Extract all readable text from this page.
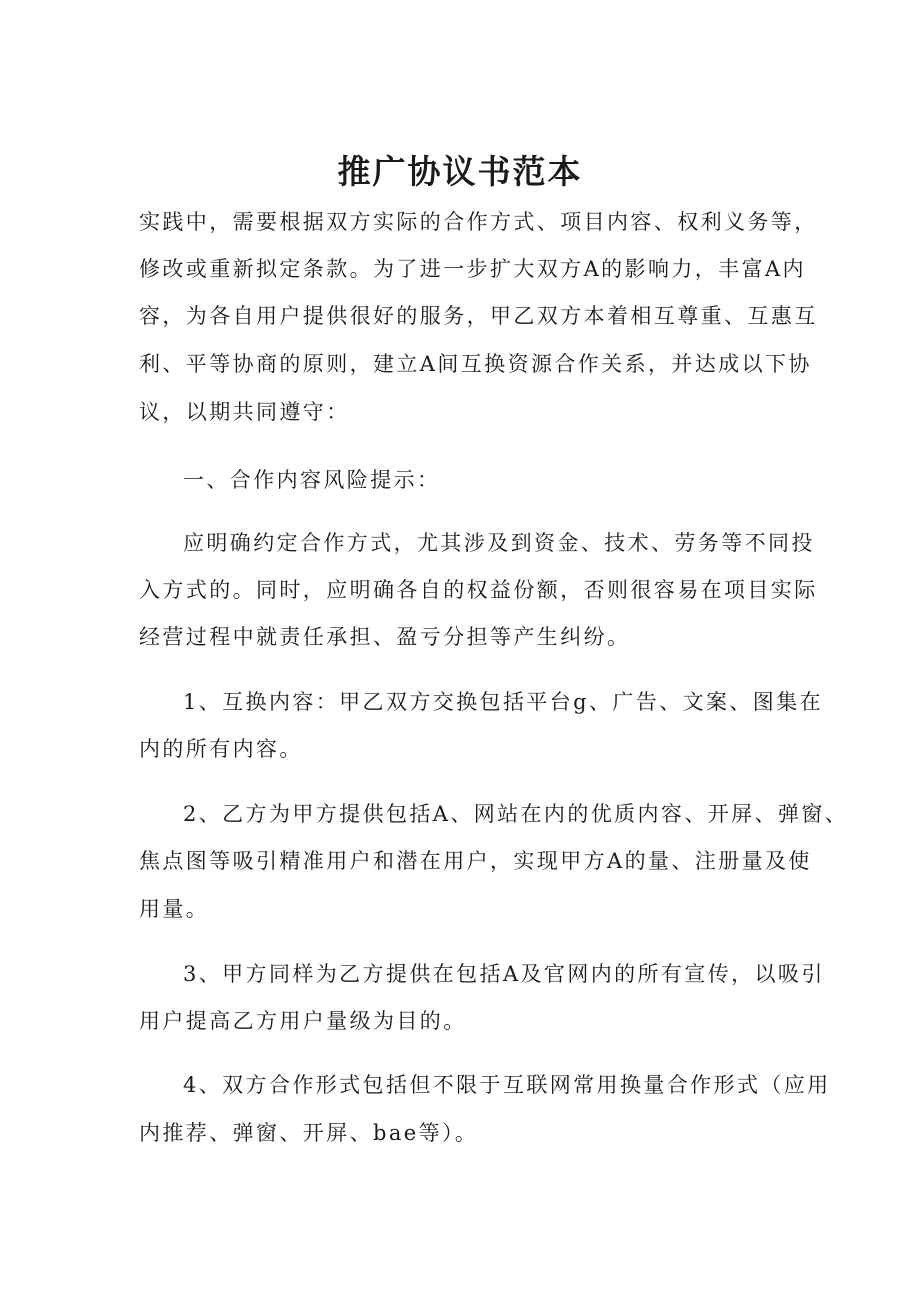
推广协议书范本
实践中，需要根据双方实际的合作方式、项目内容、权利义务等，
修改或重新拟定条款。为了进一步扩大双方A的影响力，丰富A内
容，为各自用户提供很好的服务，甲乙双方本着相互尊重、互惠互
利、平等协商的原则，建立A间互换资源合作关系，并达成以下协
议，以期共同遵守：
一、合作内容风险提示：
应明确约定合作方式，尤其涉及到资金、技术、劳务等不同投
入方式的。同时，应明确各自的权益份额，否则很容易在项目实际
经营过程中就责任承担、盈亏分担等产生纠纷。
1、互换内容：甲乙双方交换包括平台g、广告、文案、图集在
内的所有内容。
2、乙方为甲方提供包括A、网站在内的优质内容、开屏、弹窗、
焦点图等吸引精准用户和潜在用户，实现甲方A的量、注册量及使
用量。
3、甲方同样为乙方提供在包括A及官网内的所有宣传，以吸引
用户提高乙方用户量级为目的。
4、双方合作形式包括但不限于互联网常用换量合作形式（应用
内推荐、弹窗、开屏、bae等）。
